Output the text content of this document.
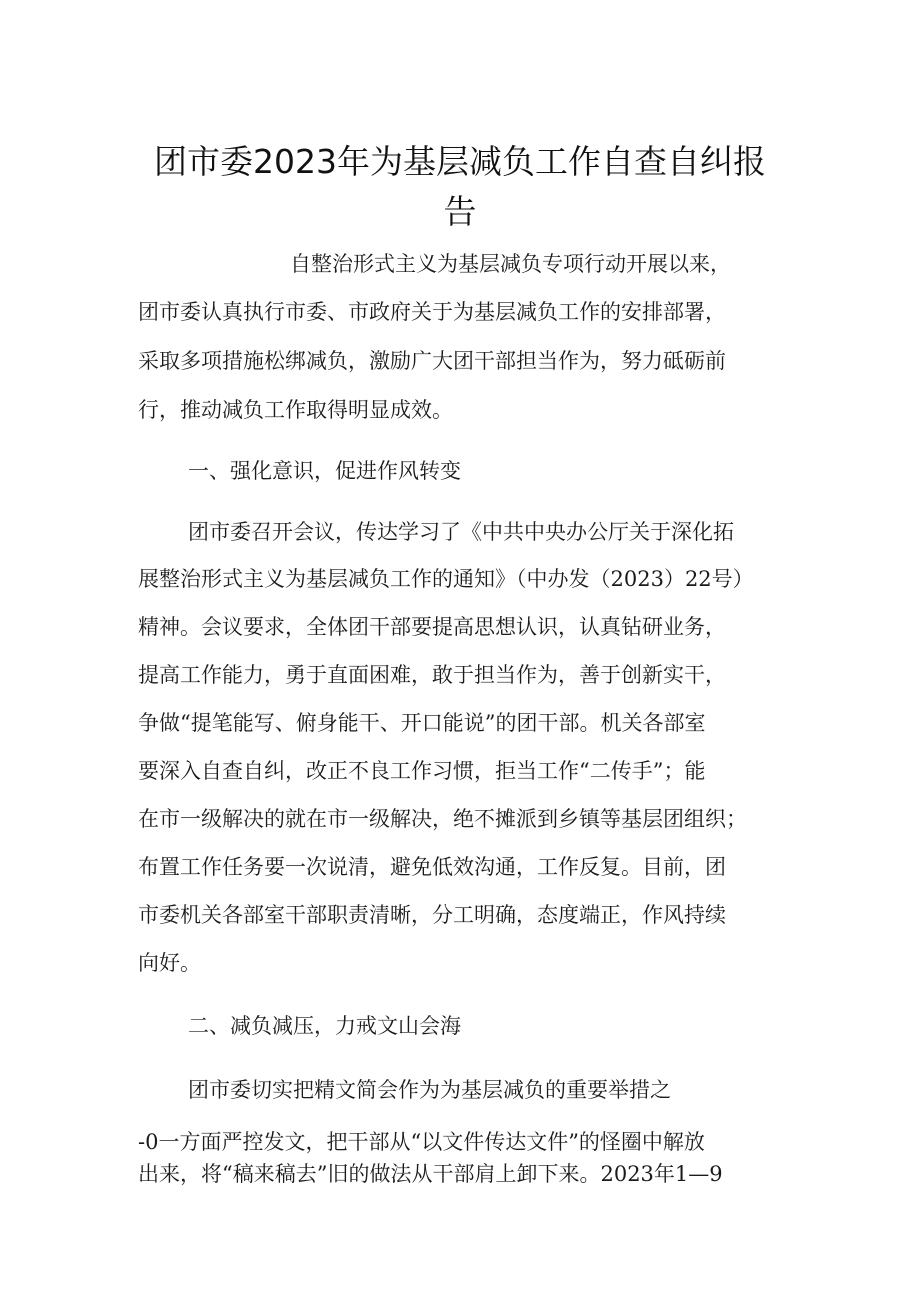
团市委2023年为基层减负工作自查自纠报
告
自整治形式主义为基层减负专项行动开展以来，
团市委认真执行市委、市政府关于为基层减负工作的安排部署，
采取多项措施松绑减负，激励广大团干部担当作为，努力砥砺前
行，推动减负工作取得明显成效。
一、强化意识，促进作风转变
团市委召开会议，传达学习了《中共中央办公厅关于深化拓
展整治形式主义为基层减负工作的通知》（中办发（2023）22号）
精神。会议要求，全体团干部要提高思想认识，认真钻研业务，
提高工作能力，勇于直面困难，敢于担当作为，善于创新实干，
争做“提笔能写、俯身能干、开口能说”的团干部。机关各部室
要深入自查自纠，改正不良工作习惯，拒当工作“二传手”；能
在市一级解决的就在市一级解决，绝不摊派到乡镇等基层团组织；
布置工作任务要一次说清，避免低效沟通，工作反复。目前，团
市委机关各部室干部职责清晰，分工明确，态度端正，作风持续
向好。
二、减负减压，力戒文山会海
团市委切实把精文简会作为为基层减负的重要举措之
-0一方面严控发文，把干部从“以文件传达文件”的怪圈中解放
出来，将“稿来稿去”旧的做法从干部肩上卸下来。2023年1—9
